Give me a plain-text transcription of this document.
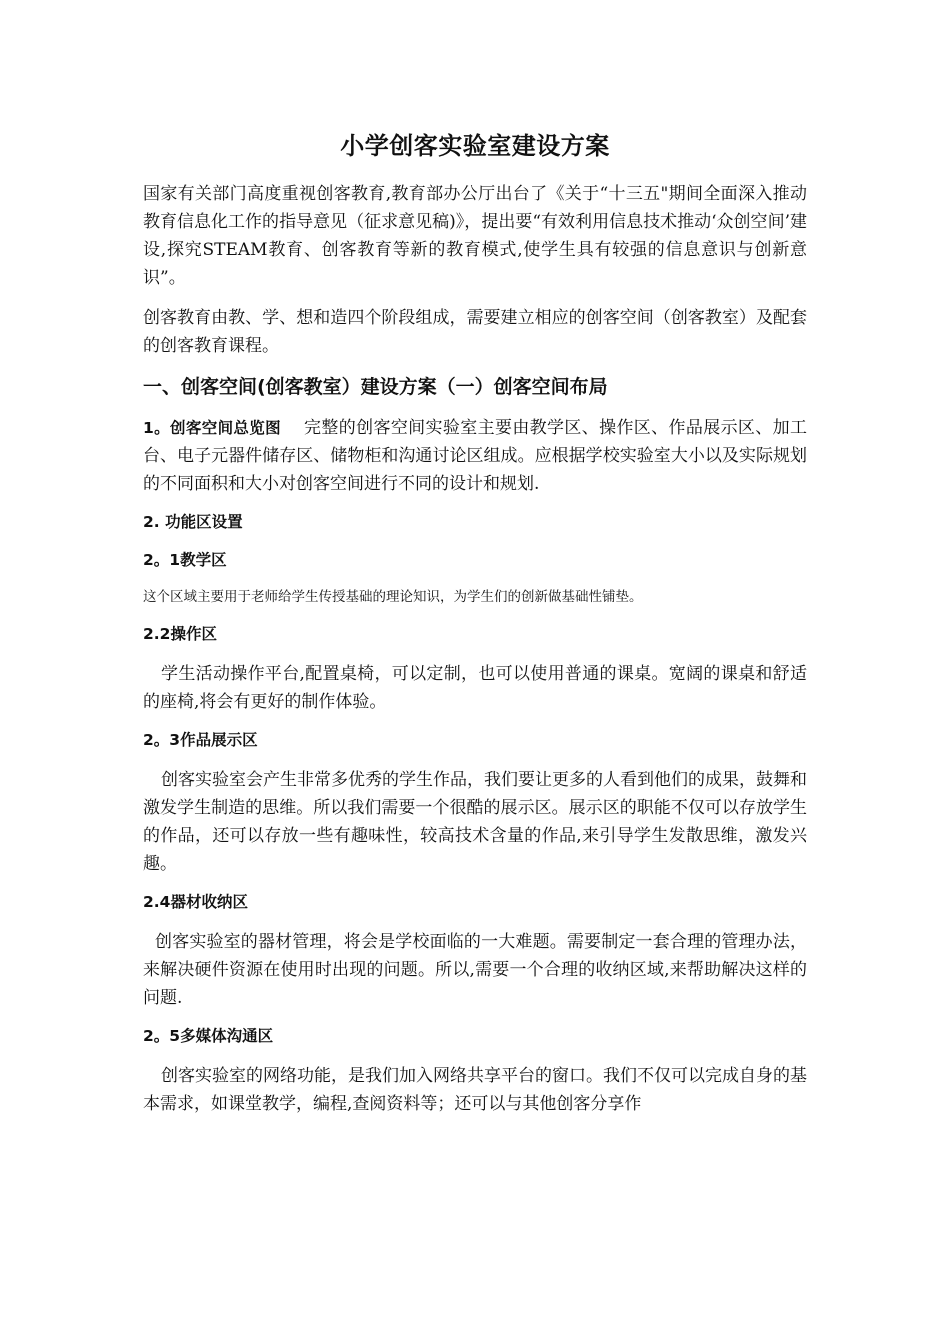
小学创客实验室建设方案

国家有关部门高度重视创客教育,教育部办公厅出台了《关于“十三五"期间全面深入推动教育信息化工作的指导意见（征求意见稿)》，提出要“有效利用信息技术推动‘众创空间’建设,探究STEAM教育、创客教育等新的教育模式,使学生具有较强的信息意识与创新意识”。

创客教育由教、学、想和造四个阶段组成，需要建立相应的创客空间（创客教室）及配套的创客教育课程。

一、创客空间(创客教室）建设方案（一）创客空间布局

1。创客空间总览图 完整的创客空间实验室主要由教学区、操作区、作品展示区、加工台、电子元器件储存区、储物柜和沟通讨论区组成。应根据学校实验室大小以及实际规划的不同面积和大小对创客空间进行不同的设计和规划.

2. 功能区设置
2。1教学区

这个区域主要用于老师给学生传授基础的理论知识，为学生们的创新做基础性铺垫。

2.2操作区

学生活动操作平台,配置桌椅，可以定制，也可以使用普通的课桌。宽阔的课桌和舒适的座椅,将会有更好的制作体验。

2。3作品展示区

创客实验室会产生非常多优秀的学生作品，我们要让更多的人看到他们的成果，鼓舞和激发学生制造的思维。所以我们需要一个很酷的展示区。展示区的职能不仅可以存放学生的作品，还可以存放一些有趣味性，较高技术含量的作品,来引导学生发散思维，激发兴趣。

2.4器材收纳区

创客实验室的器材管理，将会是学校面临的一大难题。需要制定一套合理的管理办法，来解决硬件资源在使用时出现的问题。所以,需要一个合理的收纳区域,来帮助解决这样的问题.

2。5多媒体沟通区

创客实验室的网络功能，是我们加入网络共享平台的窗口。我们不仅可以完成自身的基本需求，如课堂教学，编程,查阅资料等；还可以与其他创客分享作
